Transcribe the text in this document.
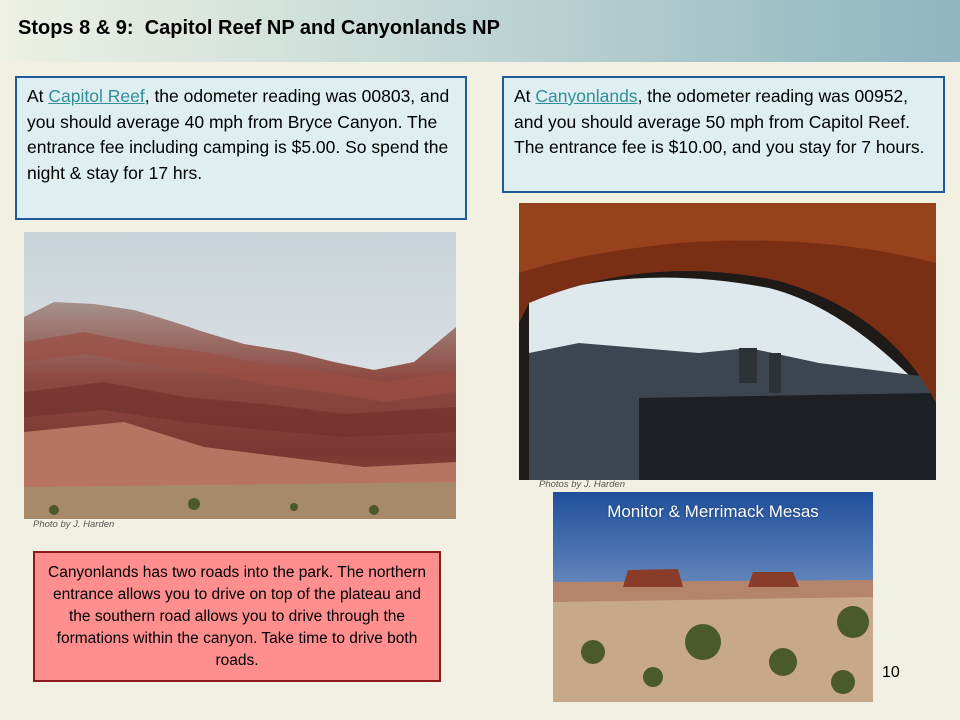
Stops 8 & 9:  Capitol Reef NP and Canyonlands NP
At Capitol Reef, the odometer reading was 00803, and you should average 40 mph from Bryce Canyon. The entrance fee including camping is $5.00. So spend the night & stay for 17 hrs.
At Canyonlands, the odometer reading was 00952, and you should average 50 mph from Capitol Reef. The entrance fee is $10.00, and you stay for 7 hours.
Photo by J. Harden
Photos by J. Harden
Monitor & Merrimack Mesas
Canyonlands has two roads into the park. The northern entrance allows you to drive on top of the plateau and the southern road allows you to drive through the formations within the canyon. Take time to drive both roads.
10
